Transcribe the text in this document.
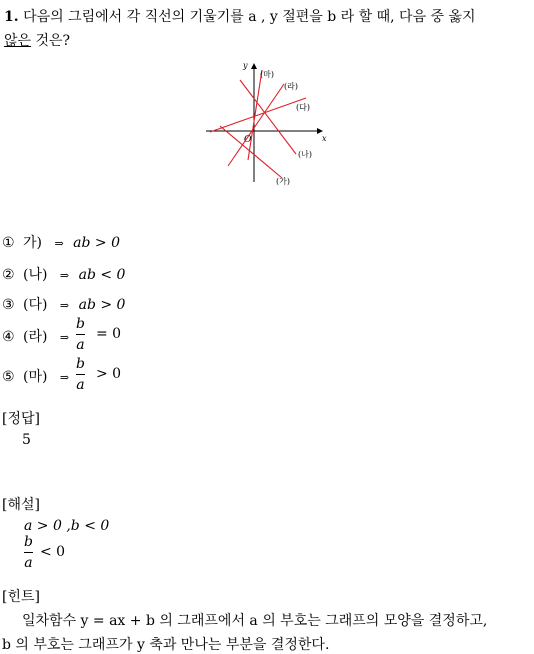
1. 다음의 그림에서 각 직선의 기울기를 a , y 절편을 b 라 할 때, 다음 중 옳지
않은 것은?
x
y
O
(마)
(라)
(다)
(나)
(가)
① 가) ⇒ ab > 0
② (나) ⇒ ab < 0
③ (다) ⇒ ab > 0
④ (라) ⇒
b
a
= 0
⑤ (마) ⇒
b
a
> 0
[정답]
5
[해설]
a > 0 ,b < 0
b
a
< 0
[힌트]
일차함수 y = ax + b 의 그래프에서 a 의 부호는 그래프의 모양을 결정하고,
b 의 부호는 그래프가 y 축과 만나는 부분을 결정한다.
